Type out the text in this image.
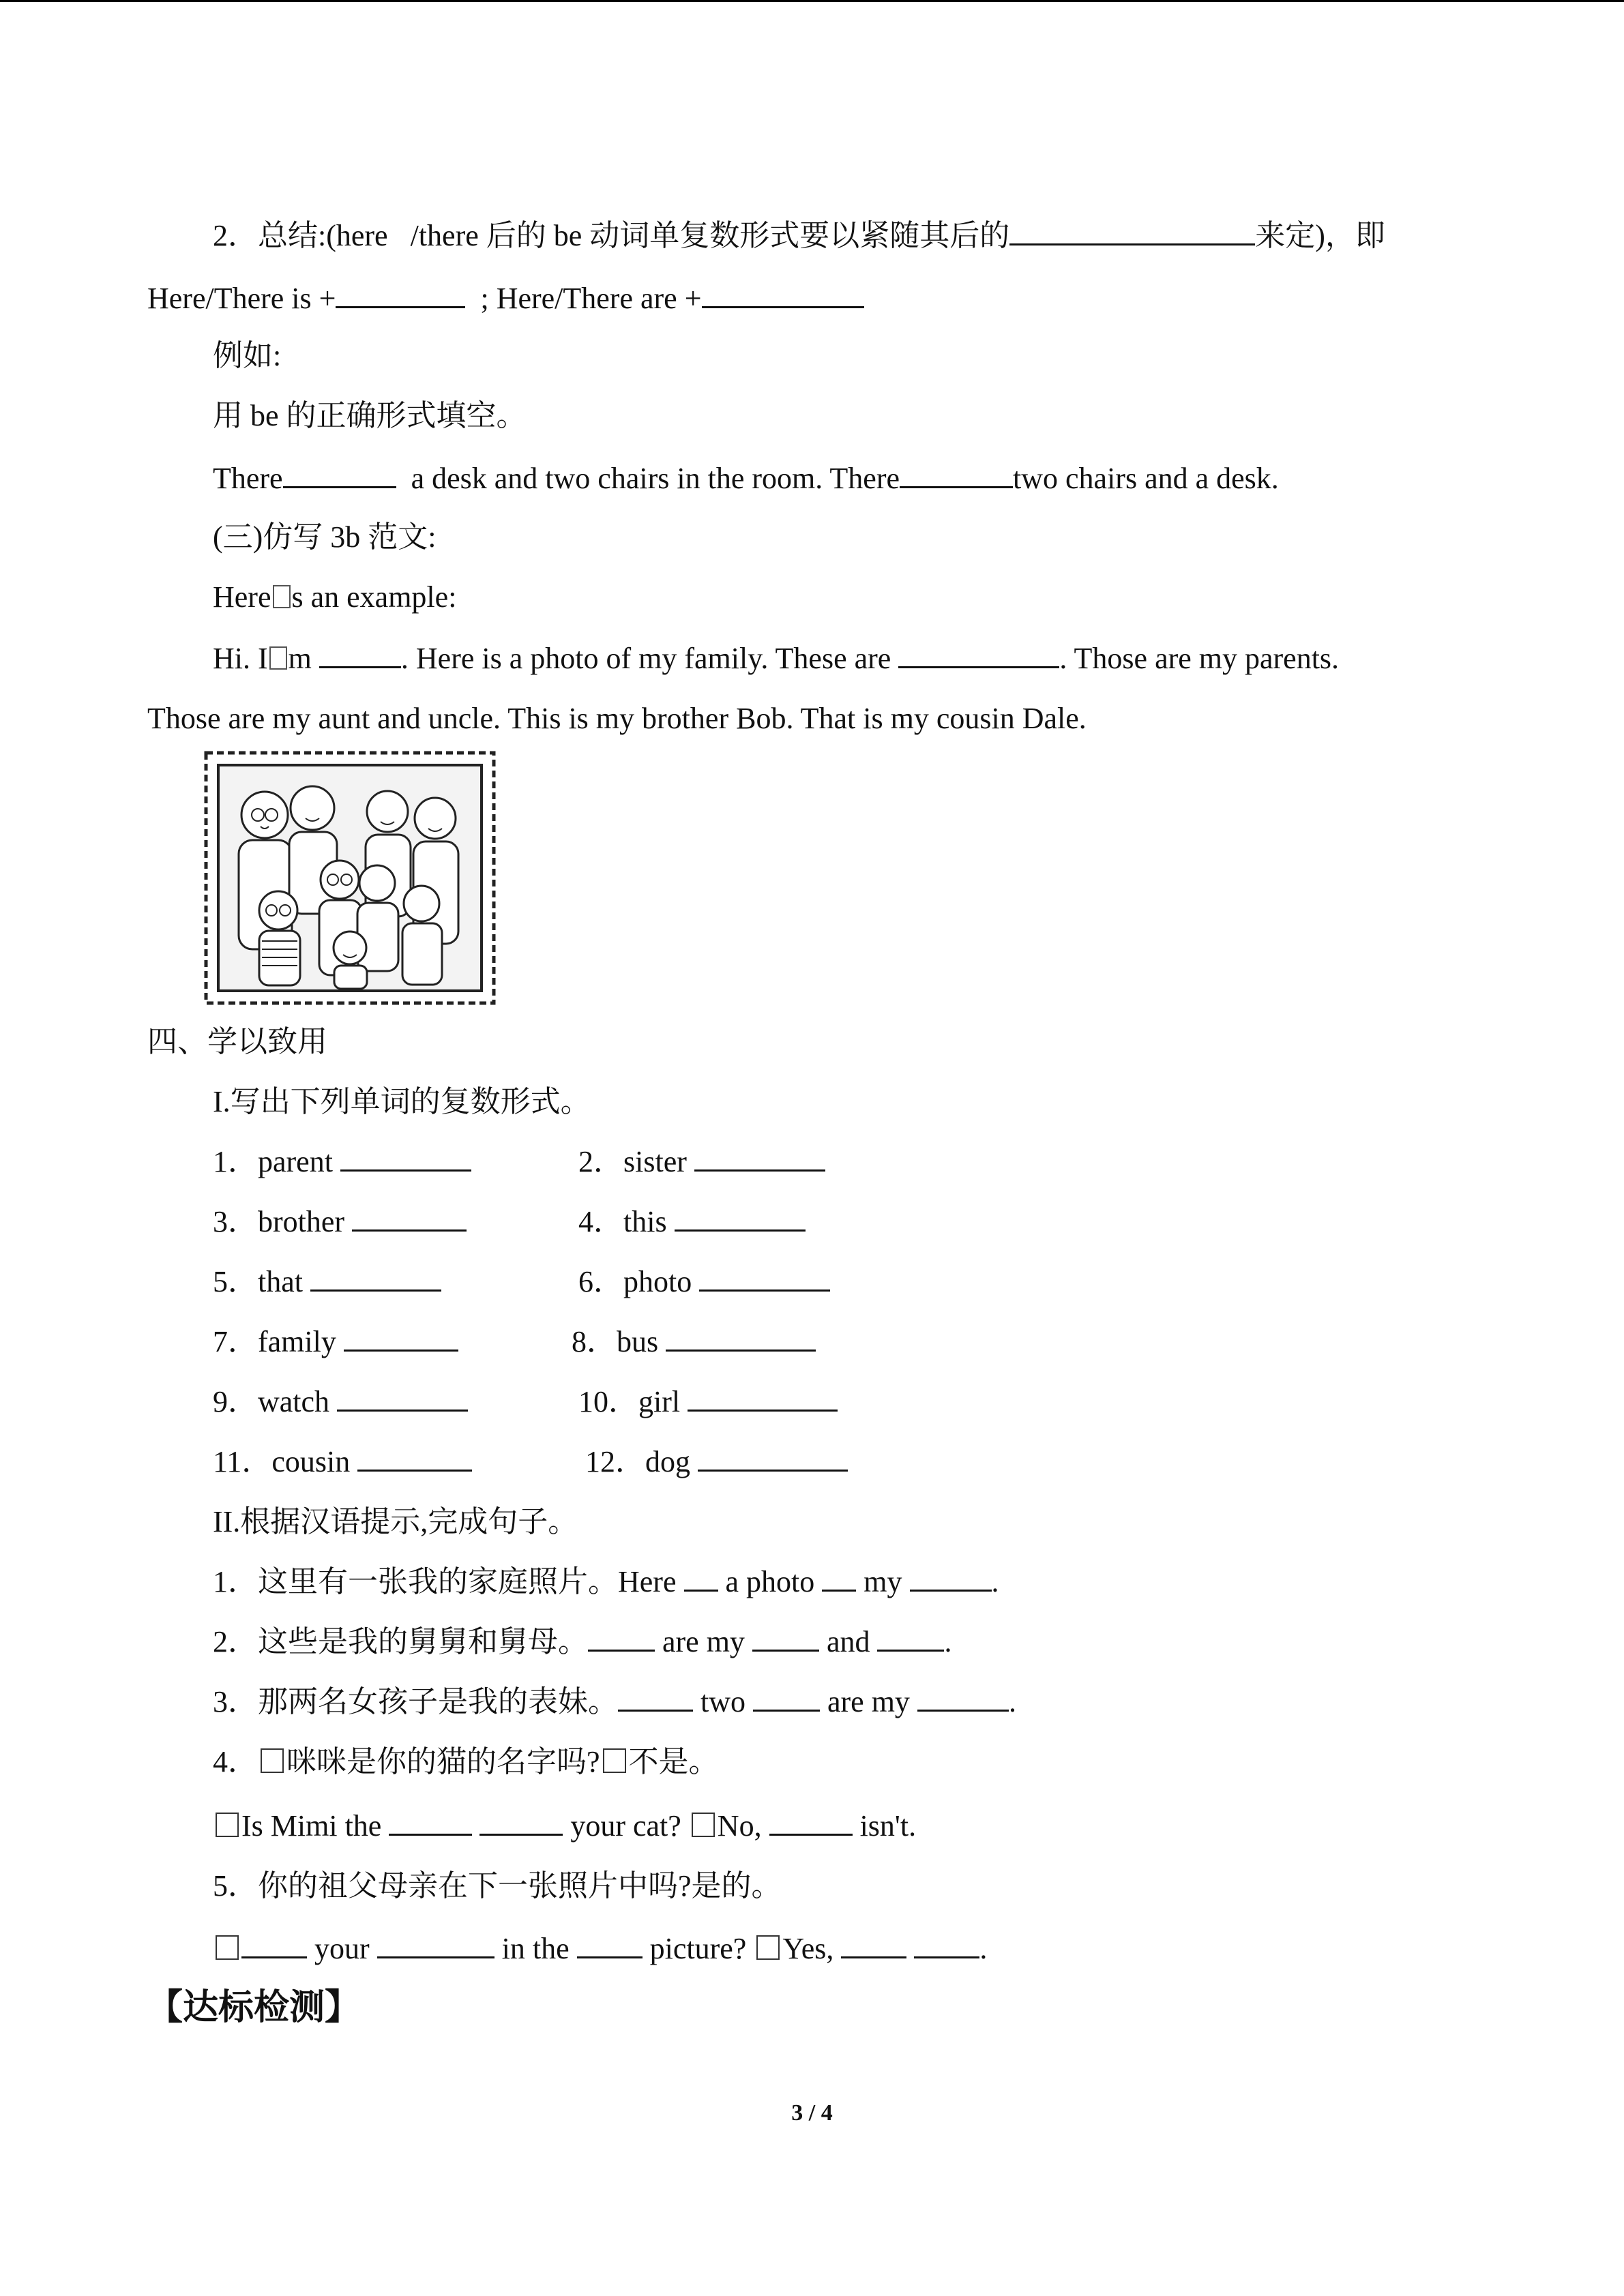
2．总结:(here   /there 后的 be 动词单复数形式要以紧随其后的	来定)，即
Here/There is +	; Here/There are +
例如:
用 be 的正确形式填空。
There	a desk and two chairs in the room. There	two chairs and a desk.
(三)仿写 3b 范文:
Here s an example:
Hi. I m	. Here is a photo of my family. These are	. Those are my parents.
Those are my aunt and uncle. This is my brother Bob. That is my cousin Dale.
四、学以致用
I.写出下列单词的复数形式。
1．parent	2．sister
3．brother	4．this
5．that	6．photo
7．family	8．bus
9．watch	10．girl
11．cousin	12．dog
II.根据汉语提示,完成句子。
1．这里有一张我的家庭照片。Here  a photo  my	.
2．这些是我的舅舅和舅母。 are my  and .
3．那两名女孩子是我的表妹。	two  are my	.
4． 咪咪是你的猫的名字吗? 不是。
Is Mimi the	your cat? No,	isn't.
5．你的祖父母亲在下一张照片中吗?是的。
your	in the  picture? Yes,	.
【达标检测】
3 / 4
